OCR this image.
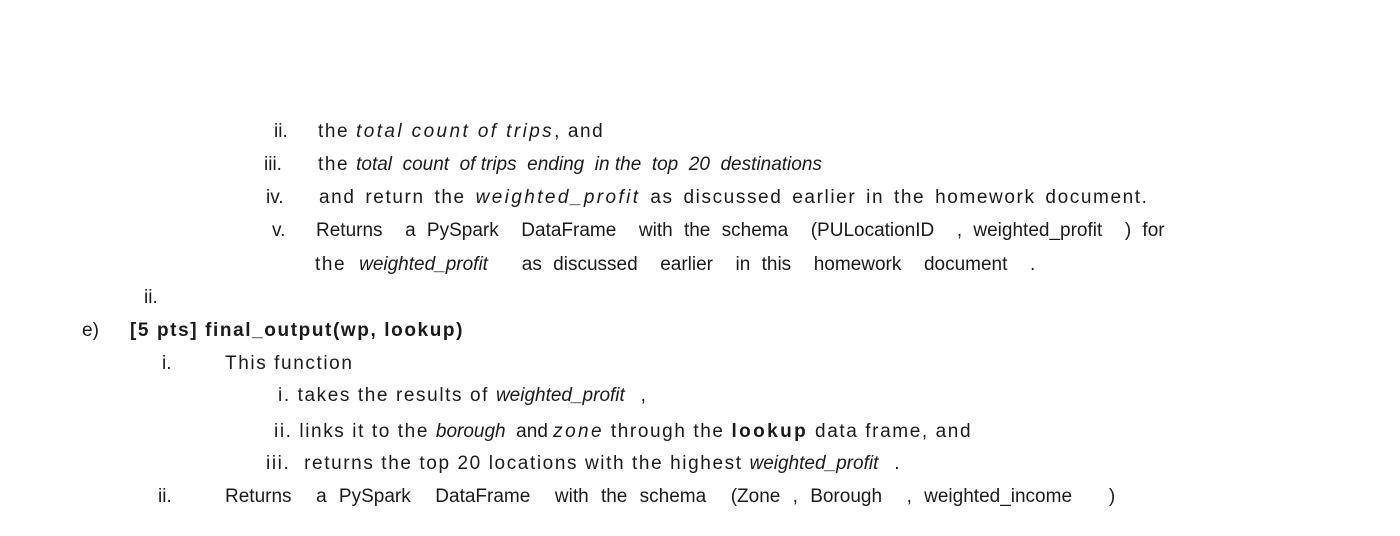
ii. the total count of trips, and
iii. the total  count  of trips  ending  in the  top  20  destinations
iv. and return the weighted_profit as discussed earlier in the homework document.
v. Returns  a PySpark  DataFrame  with the schema  (PULocationID  , weighted_profit  ) for
the weighted_profit   as discussed  earlier  in this  homework  document  .
ii.
e) [5 pts] final_output(wp, lookup)
i.	This function
i. takes the results of weighted_profit   ,
ii. links it to the borough  and zone through the lookup data frame, and
iii.  returns the top 20 locations with the highest weighted_profit   .
ii.	Returns  a PySpark  DataFrame  with the schema  (Zone , Borough  , weighted_income   )
